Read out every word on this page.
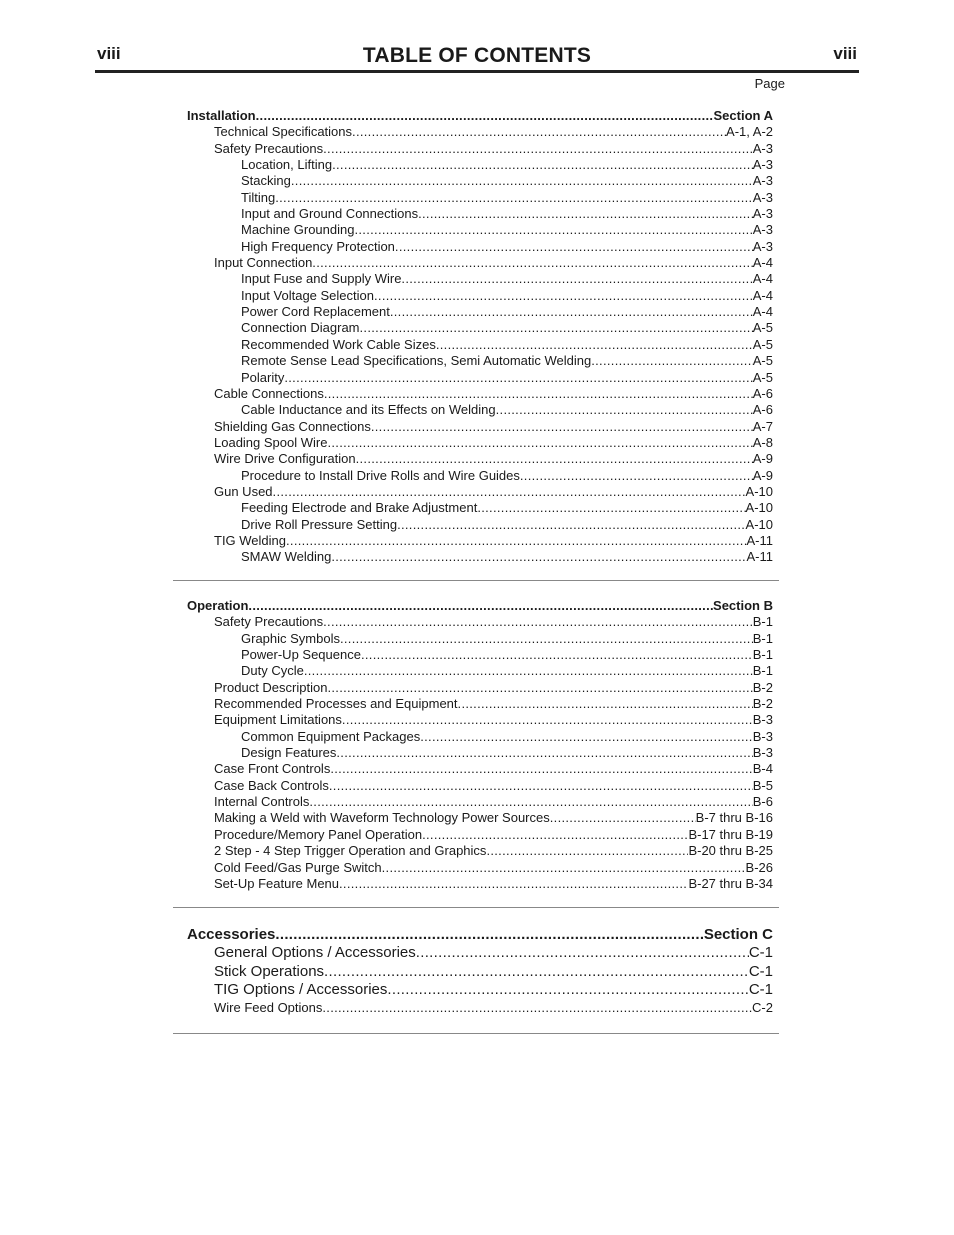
viii	TABLE OF CONTENTS	viii
Page
Installation .....	Section A
Technical Specifications .....	A-1, A-2
Safety Precautions .....	A-3
Location, Lifting .....	A-3
Stacking .....	A-3
Tilting .....	A-3
Input and Ground Connections .....	A-3
Machine Grounding .....	A-3
High Frequency Protection .....	A-3
Input Connection .....	A-4
Input Fuse and Supply Wire .....	A-4
Input Voltage Selection .....	A-4
Power Cord Replacement .....	A-4
Connection Diagram .....	A-5
Recommended Work Cable Sizes .....	A-5
Remote Sense Lead Specifications, Semi Automatic Welding .....	A-5
Polarity .....	A-5
Cable Connections .....	A-6
Cable Inductance and its Effects on Welding .....	A-6
Shielding Gas Connections .....	A-7
Loading Spool Wire .....	A-8
Wire Drive Configuration .....	A-9
Procedure to Install Drive Rolls and Wire Guides .....	A-9
Gun Used .....	A-10
Feeding Electrode and Brake Adjustment .....	A-10
Drive Roll Pressure Setting .....	A-10
TIG Welding .....	A-11
SMAW Welding .....	A-11
Operation .....	Section B
Safety Precautions .....	B-1
Graphic Symbols .....	B-1
Power-Up Sequence .....	B-1
Duty Cycle .....	B-1
Product Description .....	B-2
Recommended Processes and Equipment .....	B-2
Equipment Limitations .....	B-3
Common Equipment Packages .....	B-3
Design Features .....	B-3
Case Front Controls .....	B-4
Case Back Controls .....	B-5
Internal Controls .....	B-6
Making a Weld with Waveform Technology Power Sources .....	B-7 thru B-16
Procedure/Memory Panel Operation .....	B-17 thru B-19
2 Step - 4 Step Trigger Operation and Graphics .....	B-20 thru B-25
Cold Feed/Gas Purge Switch .....	B-26
Set-Up Feature Menu .....	B-27 thru B-34
Accessories .....	Section C
General Options / Accessories .....	C-1
Stick Operations .....	C-1
TIG Options / Accessories .....	C-1
Wire Feed Options .....	C-2
